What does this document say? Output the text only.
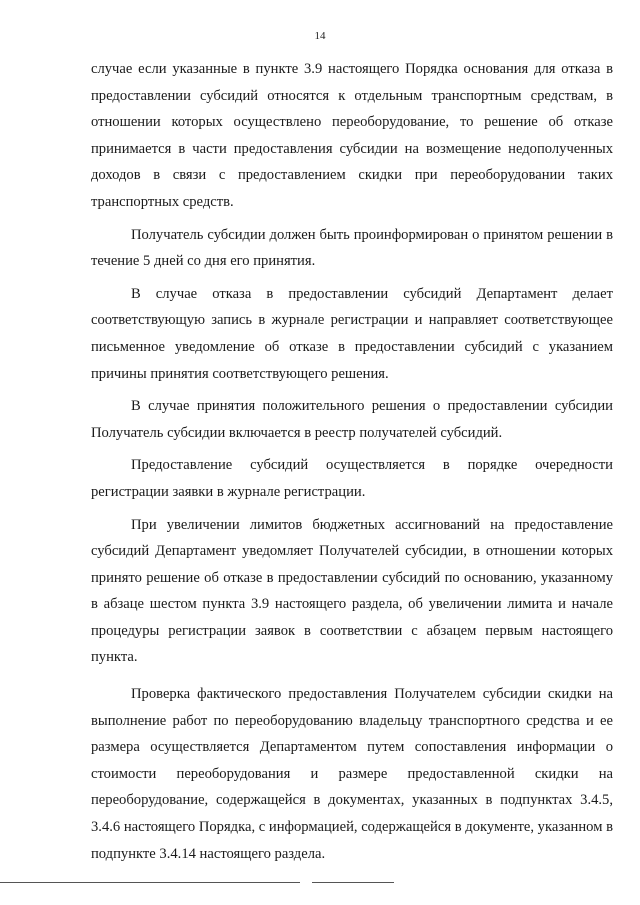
14

случае если указанные в пункте 3.9 настоящего Порядка основания для отказа в предоставлении субсидий относятся к отдельным транспортным средствам, в отношении которых осуществлено переоборудование, то решение об отказе принимается в части предоставления субсидии на возмещение недополученных доходов в связи с предоставлением скидки при переоборудовании таких транспортных средств.

Получатель субсидии должен быть проинформирован о принятом решении в течение 5 дней со дня его принятия.

В случае отказа в предоставлении субсидий Департамент делает соответствующую запись в журнале регистрации и направляет соответствующее письменное уведомление об отказе в предоставлении субсидий с указанием причины принятия соответствующего решения.

В случае принятия положительного решения о предоставлении субсидии Получатель субсидии включается в реестр получателей субсидий.

Предоставление субсидий осуществляется в порядке очередности регистрации заявки в журнале регистрации.

При увеличении лимитов бюджетных ассигнований на предоставление субсидий Департамент уведомляет Получателей субсидии, в отношении которых принято решение об отказе в предоставлении субсидий по основанию, указанному в абзаце шестом пункта 3.9 настоящего раздела, об увеличении лимита и начале процедуры регистрации заявок в соответствии с абзацем первым настоящего пункта.

Проверка фактического предоставления Получателем субсидии скидки на выполнение работ по переоборудованию владельцу транспортного средства и ее размера осуществляется Департаментом путем сопоставления информации о стоимости переоборудования и размере предоставленной скидки на переоборудование, содержащейся в документах, указанных в подпунктах 3.4.5, 3.4.6 настоящего Порядка, с информацией, содержащейся в документе, указанном в подпункте 3.4.14 настоящего раздела.
